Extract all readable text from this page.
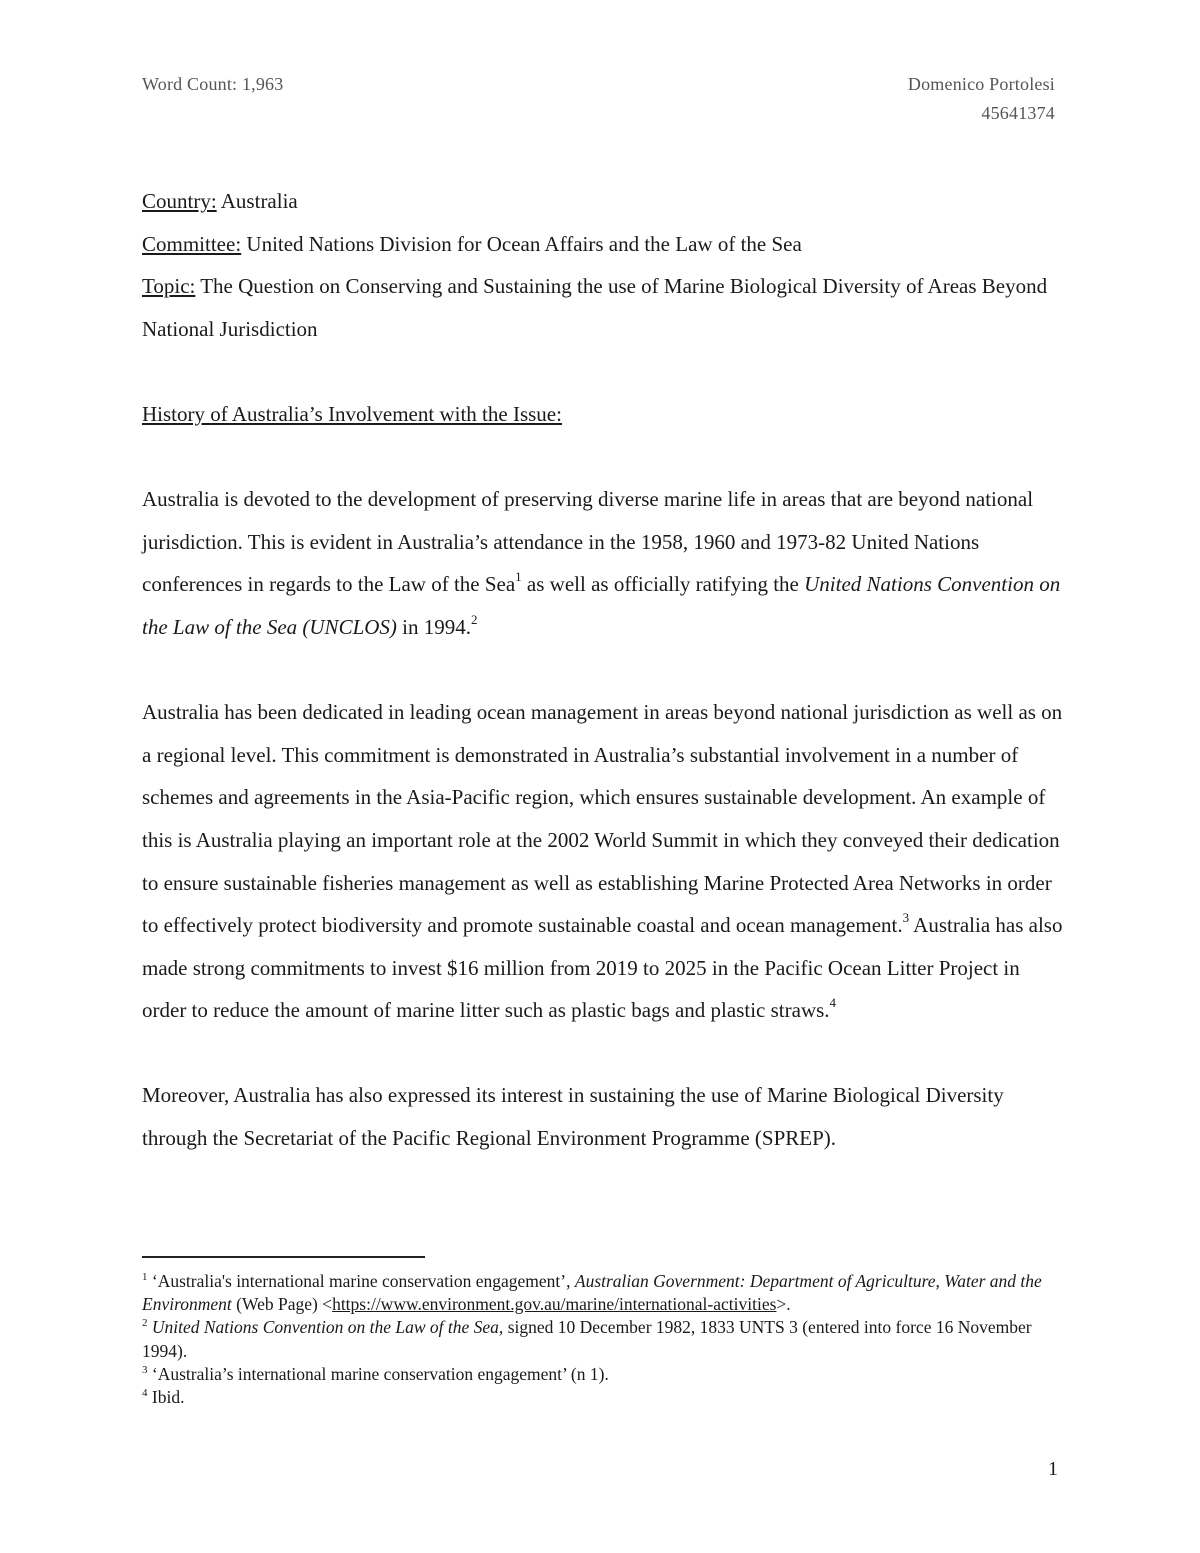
Word Count: 1,963	Domenico Portolesi
45641374

Country: Australia

Committee: United Nations Division for Ocean Affairs and the Law of the Sea

Topic: The Question on Conserving and Sustaining the use of Marine Biological Diversity of Areas Beyond National Jurisdiction

History of Australia’s Involvement with the Issue:

Australia is devoted to the development of preserving diverse marine life in areas that are beyond national jurisdiction. This is evident in Australia’s attendance in the 1958, 1960 and 1973-82 United Nations conferences in regards to the Law of the Sea$^1$ as well as officially ratifying the United Nations Convention on the Law of the Sea (UNCLOS) in 1994.$^2$

Australia has been dedicated in leading ocean management in areas beyond national jurisdiction as well as on a regional level. This commitment is demonstrated in Australia’s substantial involvement in a number of schemes and agreements in the Asia-Pacific region, which ensures sustainable development. An example of this is Australia playing an important role at the 2002 World Summit in which they conveyed their dedication to ensure sustainable fisheries management as well as establishing Marine Protected Area Networks in order to effectively protect biodiversity and promote sustainable coastal and ocean management.$^3$ Australia has also made strong commitments to invest $16 million from 2019 to 2025 in the Pacific Ocean Litter Project in order to reduce the amount of marine litter such as plastic bags and plastic straws.$^4$

Moreover, Australia has also expressed its interest in sustaining the use of Marine Biological Diversity through the Secretariat of the Pacific Regional Environment Programme (SPREP).

$^1$ ‘Australia's international marine conservation engagement’, Australian Government: Department of Agriculture, Water and the Environment (Web Page) <https://www.environment.gov.au/marine/international-activities>.

$^2$ United Nations Convention on the Law of the Sea, signed 10 December 1982, 1833 UNTS 3 (entered into force 16 November 1994).

$^3$ ‘Australia’s international marine conservation engagement’ (n 1).

$^4$ Ibid.

1
